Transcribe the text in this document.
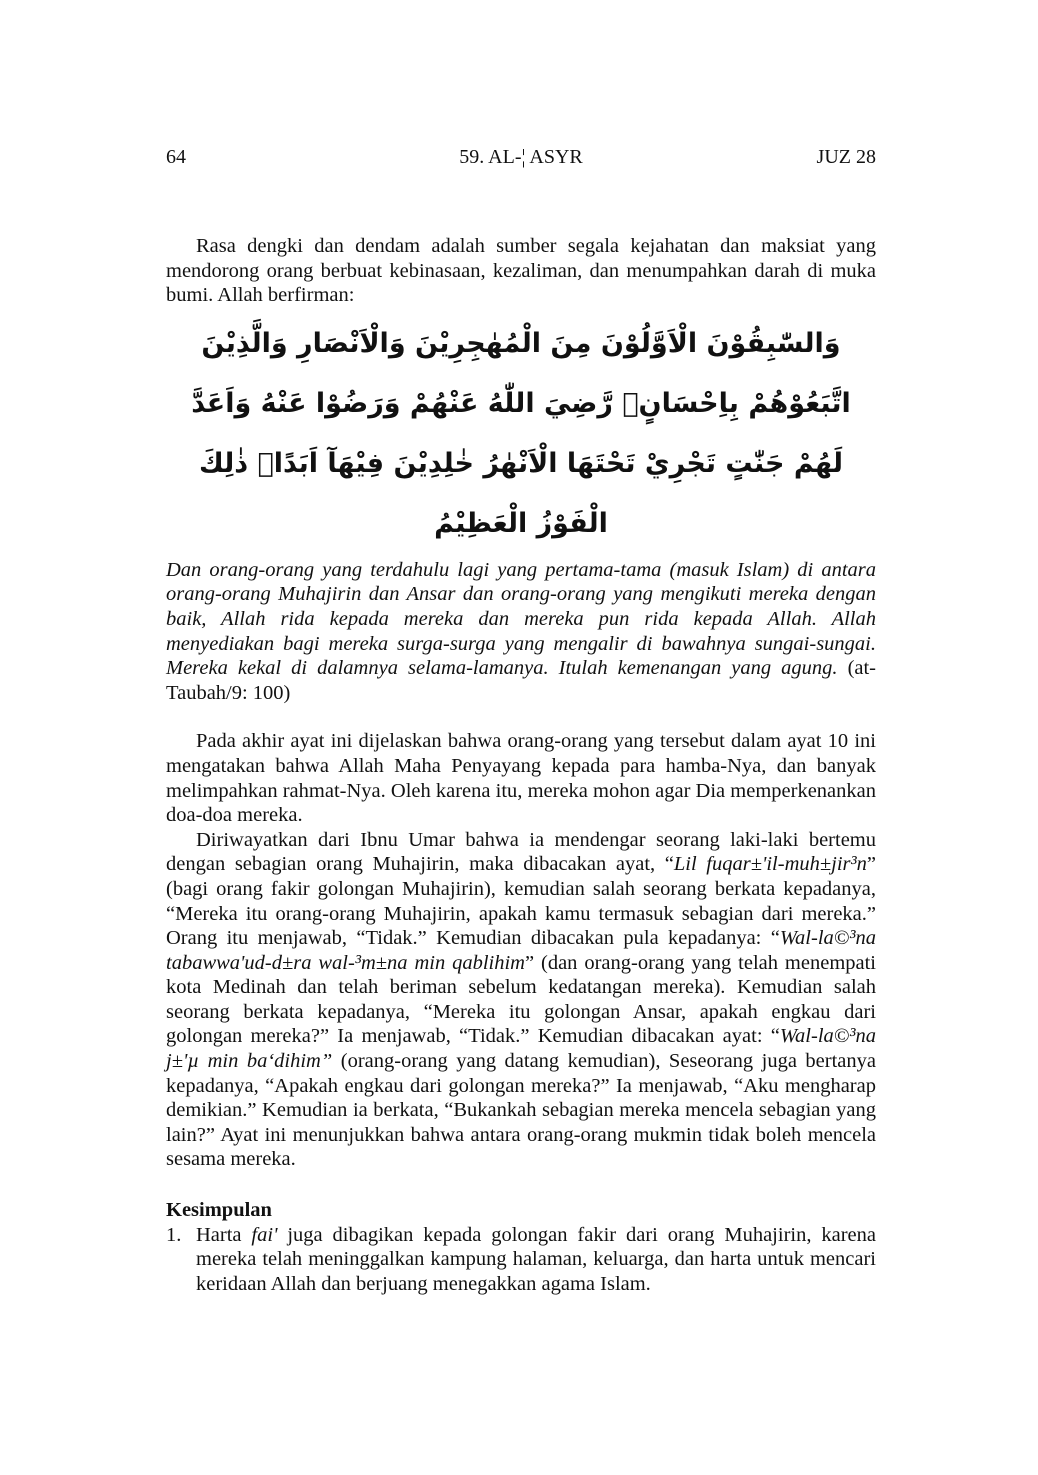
64	59. AL-¦ ASYR	JUZ 28

Rasa dengki dan dendam adalah sumber segala kejahatan dan maksiat yang mendorong orang berbuat kebinasaan, kezaliman, dan menumpahkan darah di muka bumi. Allah berfirman:

وَالسّٰبِقُوْنَ الْاَوَّلُوْنَ مِنَ الْمُهٰجِرِيْنَ وَالْاَنْصَارِ وَالَّذِيْنَ اتَّبَعُوْهُمْ بِاِحْسَانٍۙ رَّضِيَ اللّٰهُ عَنْهُمْ وَرَضُوْا عَنْهُ وَاَعَدَّ لَهُمْ جَنّٰتٍ تَجْرِيْ تَحْتَهَا الْاَنْهٰرُ خٰلِدِيْنَ فِيْهَآ اَبَدًاۗ ذٰلِكَ الْفَوْزُ الْعَظِيْمُ

Dan orang-orang yang terdahulu lagi yang pertama-tama (masuk Islam) di antara orang-orang Muhajirin dan Ansar dan orang-orang yang mengikuti mereka dengan baik, Allah rida kepada mereka dan mereka pun rida kepada Allah. Allah menyediakan bagi mereka surga-surga yang mengalir di bawahnya sungai-sungai. Mereka kekal di dalamnya selama-lamanya. Itulah kemenangan yang agung. (at-Taubah/9: 100)

Pada akhir ayat ini dijelaskan bahwa orang-orang yang tersebut dalam ayat 10 ini mengatakan bahwa Allah Maha Penyayang kepada para hamba-Nya, dan banyak melimpahkan rahmat-Nya. Oleh karena itu, mereka mohon agar Dia memperkenankan doa-doa mereka.

Diriwayatkan dari Ibnu Umar bahwa ia mendengar seorang laki-laki bertemu dengan sebagian orang Muhajirin, maka dibacakan ayat, “Lil fuqar±'il-muh±jir³n” (bagi orang fakir golongan Muhajirin), kemudian salah seorang berkata kepadanya, “Mereka itu orang-orang Muhajirin, apakah kamu termasuk sebagian dari mereka.” Orang itu menjawab, “Tidak.” Kemudian dibacakan pula kepadanya: “Wal-la©³na tabawwa'ud-d±ra wal-³m±na min qablihim” (dan orang-orang yang telah menempati kota Medinah dan telah beriman sebelum kedatangan mereka). Kemudian salah seorang berkata kepadanya, “Mereka itu golongan Ansar, apakah engkau dari golongan mereka?” Ia menjawab, “Tidak.” Kemudian dibacakan ayat: “Wal-la©³na j±'µ min ba‘dihim” (orang-orang yang datang kemudian), Seseorang juga bertanya kepadanya, “Apakah engkau dari golongan mereka?” Ia menjawab, “Aku mengharap demikian.” Kemudian ia berkata, “Bukankah sebagian mereka mencela sebagian yang lain?” Ayat ini menunjukkan bahwa antara orang-orang mukmin tidak boleh mencela sesama mereka.

Kesimpulan

1. Harta fai' juga dibagikan kepada golongan fakir dari orang Muhajirin, karena mereka telah meninggalkan kampung halaman, keluarga, dan harta untuk mencari keridaan Allah dan berjuang menegakkan agama Islam.
